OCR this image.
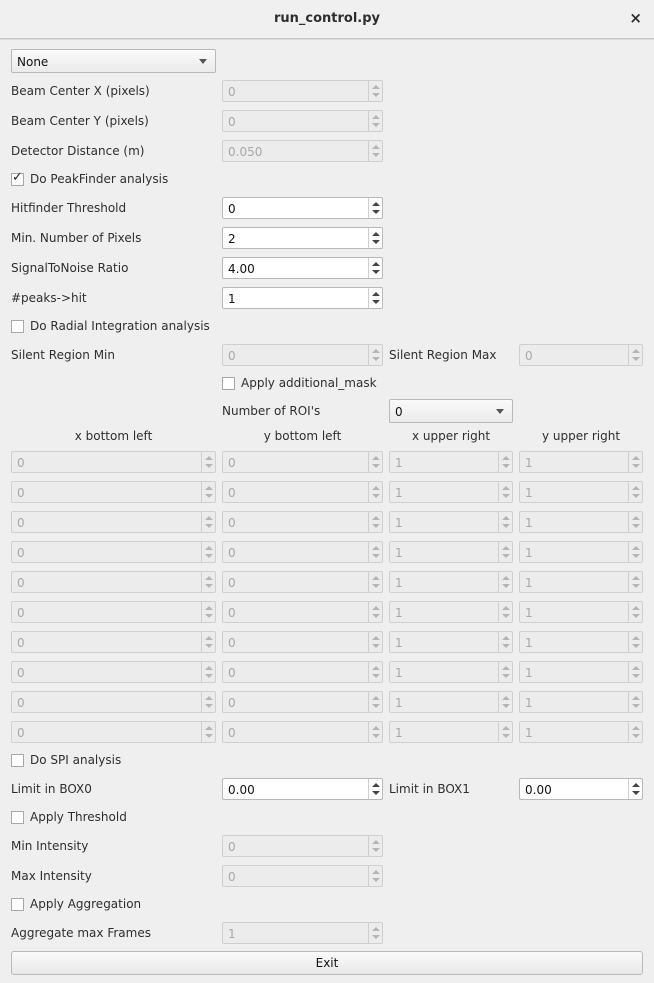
run_control.py	×
None
Beam Center X (pixels)	0
Beam Center Y (pixels)	0
Detector Distance (m)	0.050
✓ Do PeakFinder analysis
Hitfinder Threshold	0
Min. Number of Pixels	2
SignalToNoise Ratio	4.00
#peaks->hit	1
Do Radial Integration analysis
Silent Region Min	0	Silent Region Max 0
Apply additional_mask
Number of ROI's	0
x bottom left	y bottom left	x upper right	y upper right
0	0	1	1
0	0	1	1
0	0	1	1
0	0	1	1
0	0	1	1
0	0	1	1
0	0	1	1
0	0	1	1
0	0	1	1
0	0	1	1
Do SPI analysis
Limit in BOX0	0.00	Limit in BOX1	0.00
Apply Threshold
Min Intensity	0
Max Intensity	0
Apply Aggregation
Aggregate max Frames	1
Exit
